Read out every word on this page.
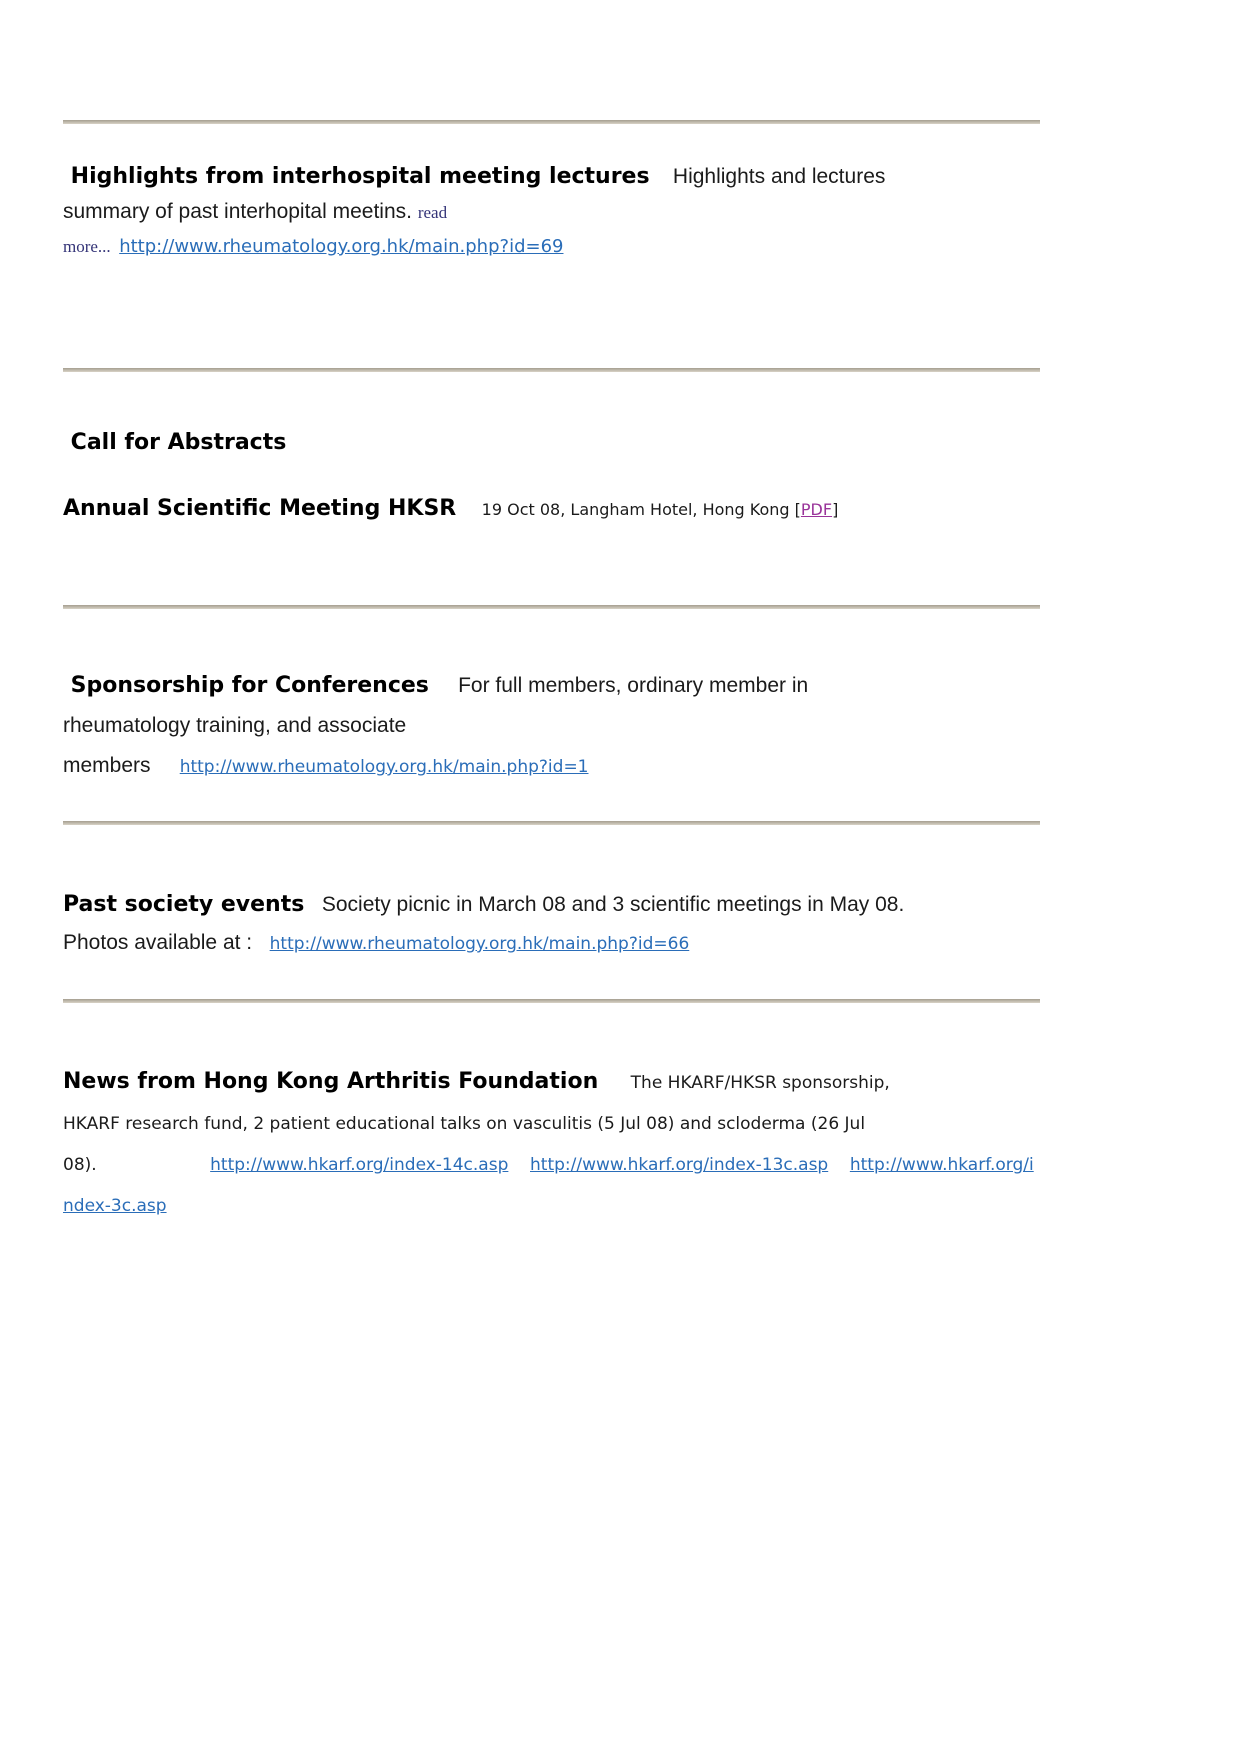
Highlights from interhospital meeting lectures    Highlights and lectures
summary of past interhopital meetins. read
more...  http://www.rheumatology.org.hk/main.php?id=69
Call for Abstracts
Annual Scientific Meeting HKSR     19 Oct 08, Langham Hotel, Hong Kong [PDF]
Sponsorship for Conferences     For full members, ordinary member in
rheumatology training, and associate
members     http://www.rheumatology.org.hk/main.php?id=1
Past society events   Society picnic in March 08 and 3 scientific meetings in May 08.
Photos available at :   http://www.rheumatology.org.hk/main.php?id=66
News from Hong Kong Arthritis Foundation      The HKARF/HKSR sponsorship,
HKARF research fund, 2 patient educational talks on vasculitis (5 Jul 08) and scloderma (26 Jul
08).                     http://www.hkarf.org/index-14c.asp http://www.hkarf.org/index-13c.asp http://www.hkarf.org/index-3c.asp
